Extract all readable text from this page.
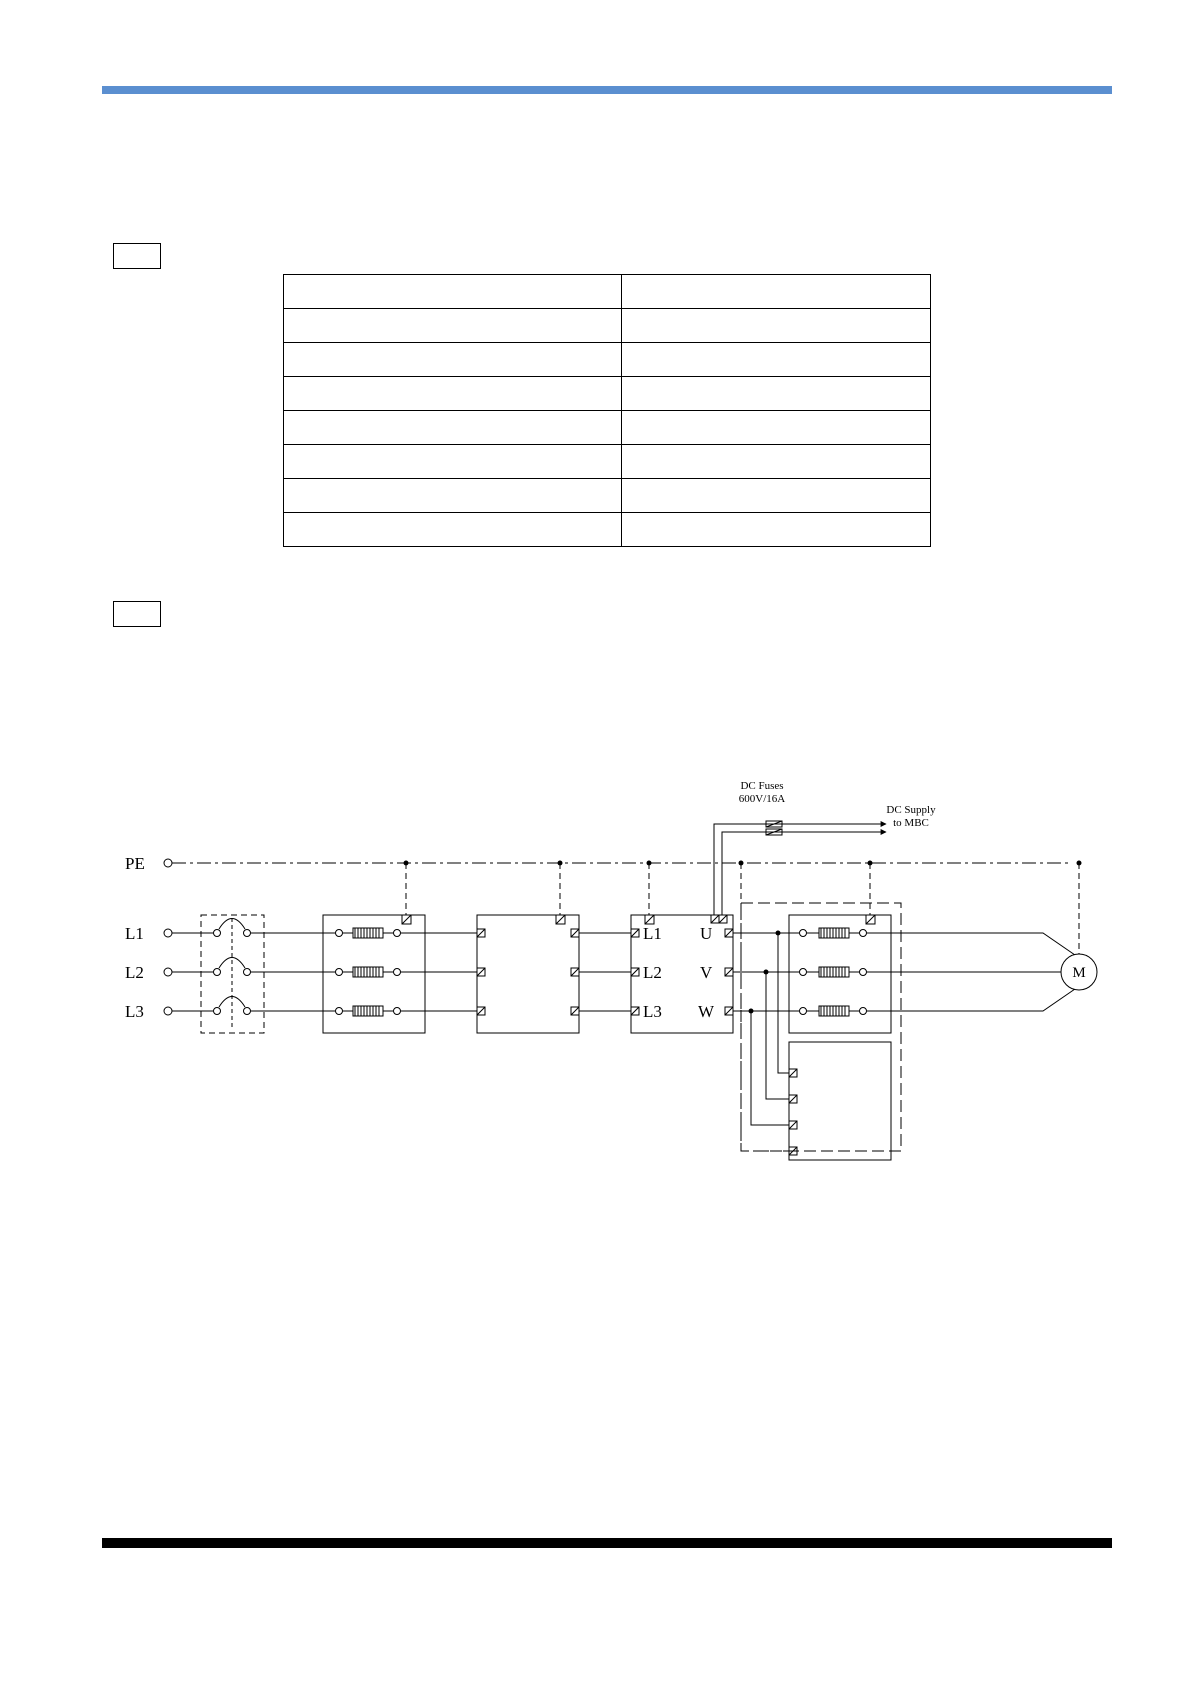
PE
L1
L2
L3
L1
L2
L3
U
V
W
M
DC Fuses
600V/16A
DC Supply
to MBC
